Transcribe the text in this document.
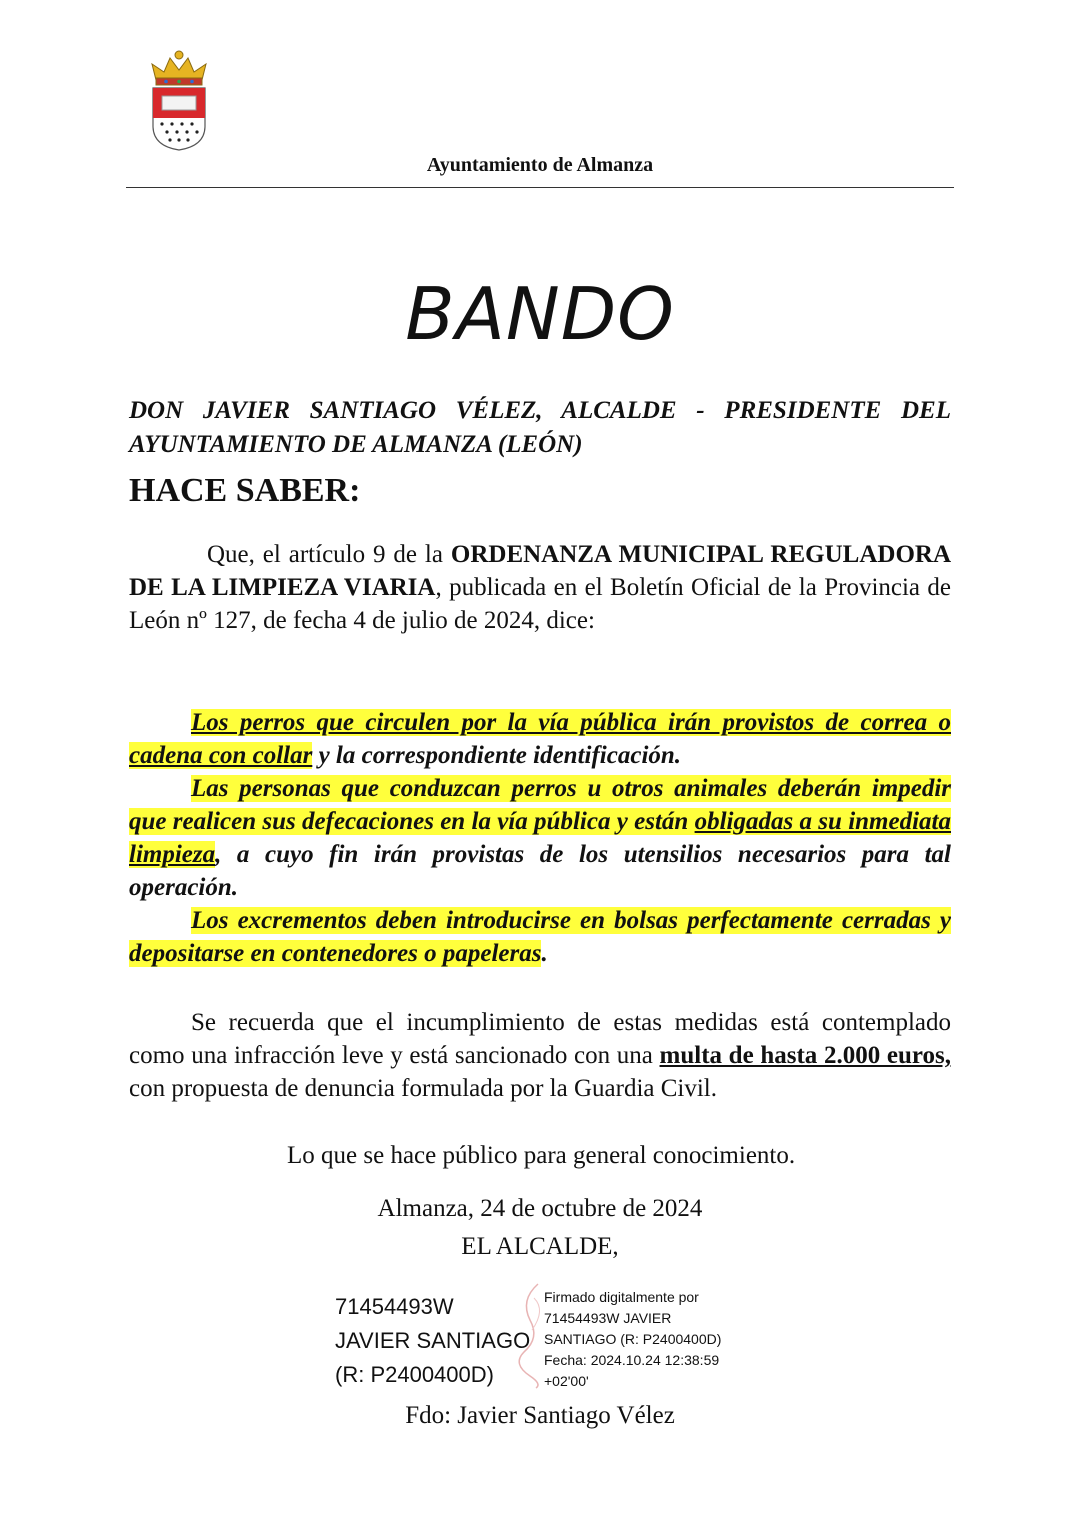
Ayuntamiento de Almanza
BANDO
DON JAVIER SANTIAGO VÉLEZ, ALCALDE - PRESIDENTE DEL AYUNTAMIENTO DE ALMANZA (LEÓN)
HACE SABER:
Que, el artículo 9 de la ORDENANZA MUNICIPAL REGULADORA DE LA LIMPIEZA VIARIA, publicada en el Boletín Oficial de la Provincia de León nº 127, de fecha 4 de julio de 2024, dice:
Los perros que circulen por la vía pública irán provistos de correa o cadena con collar y la correspondiente identificación.
Las personas que conduzcan perros u otros animales deberán impedir que realicen sus defecaciones en la vía pública y están obligadas a su inmediata limpieza, a cuyo fin irán provistas de los utensilios necesarios para tal operación.
Los excrementos deben introducirse en bolsas perfectamente cerradas y depositarse en contenedores o papeleras.
Se recuerda que el incumplimiento de estas medidas está contemplado como una infracción leve y está sancionado con una multa de hasta 2.000 euros, con propuesta de denuncia formulada por la Guardia Civil.
Lo que se hace público para general conocimiento.
Almanza, 24 de octubre de 2024
EL ALCALDE,
71454493W
JAVIER SANTIAGO
(R: P2400400D)
Firmado digitalmente por
71454493W JAVIER
SANTIAGO (R: P2400400D)
Fecha: 2024.10.24 12:38:59
+02'00'
Fdo: Javier Santiago Vélez
